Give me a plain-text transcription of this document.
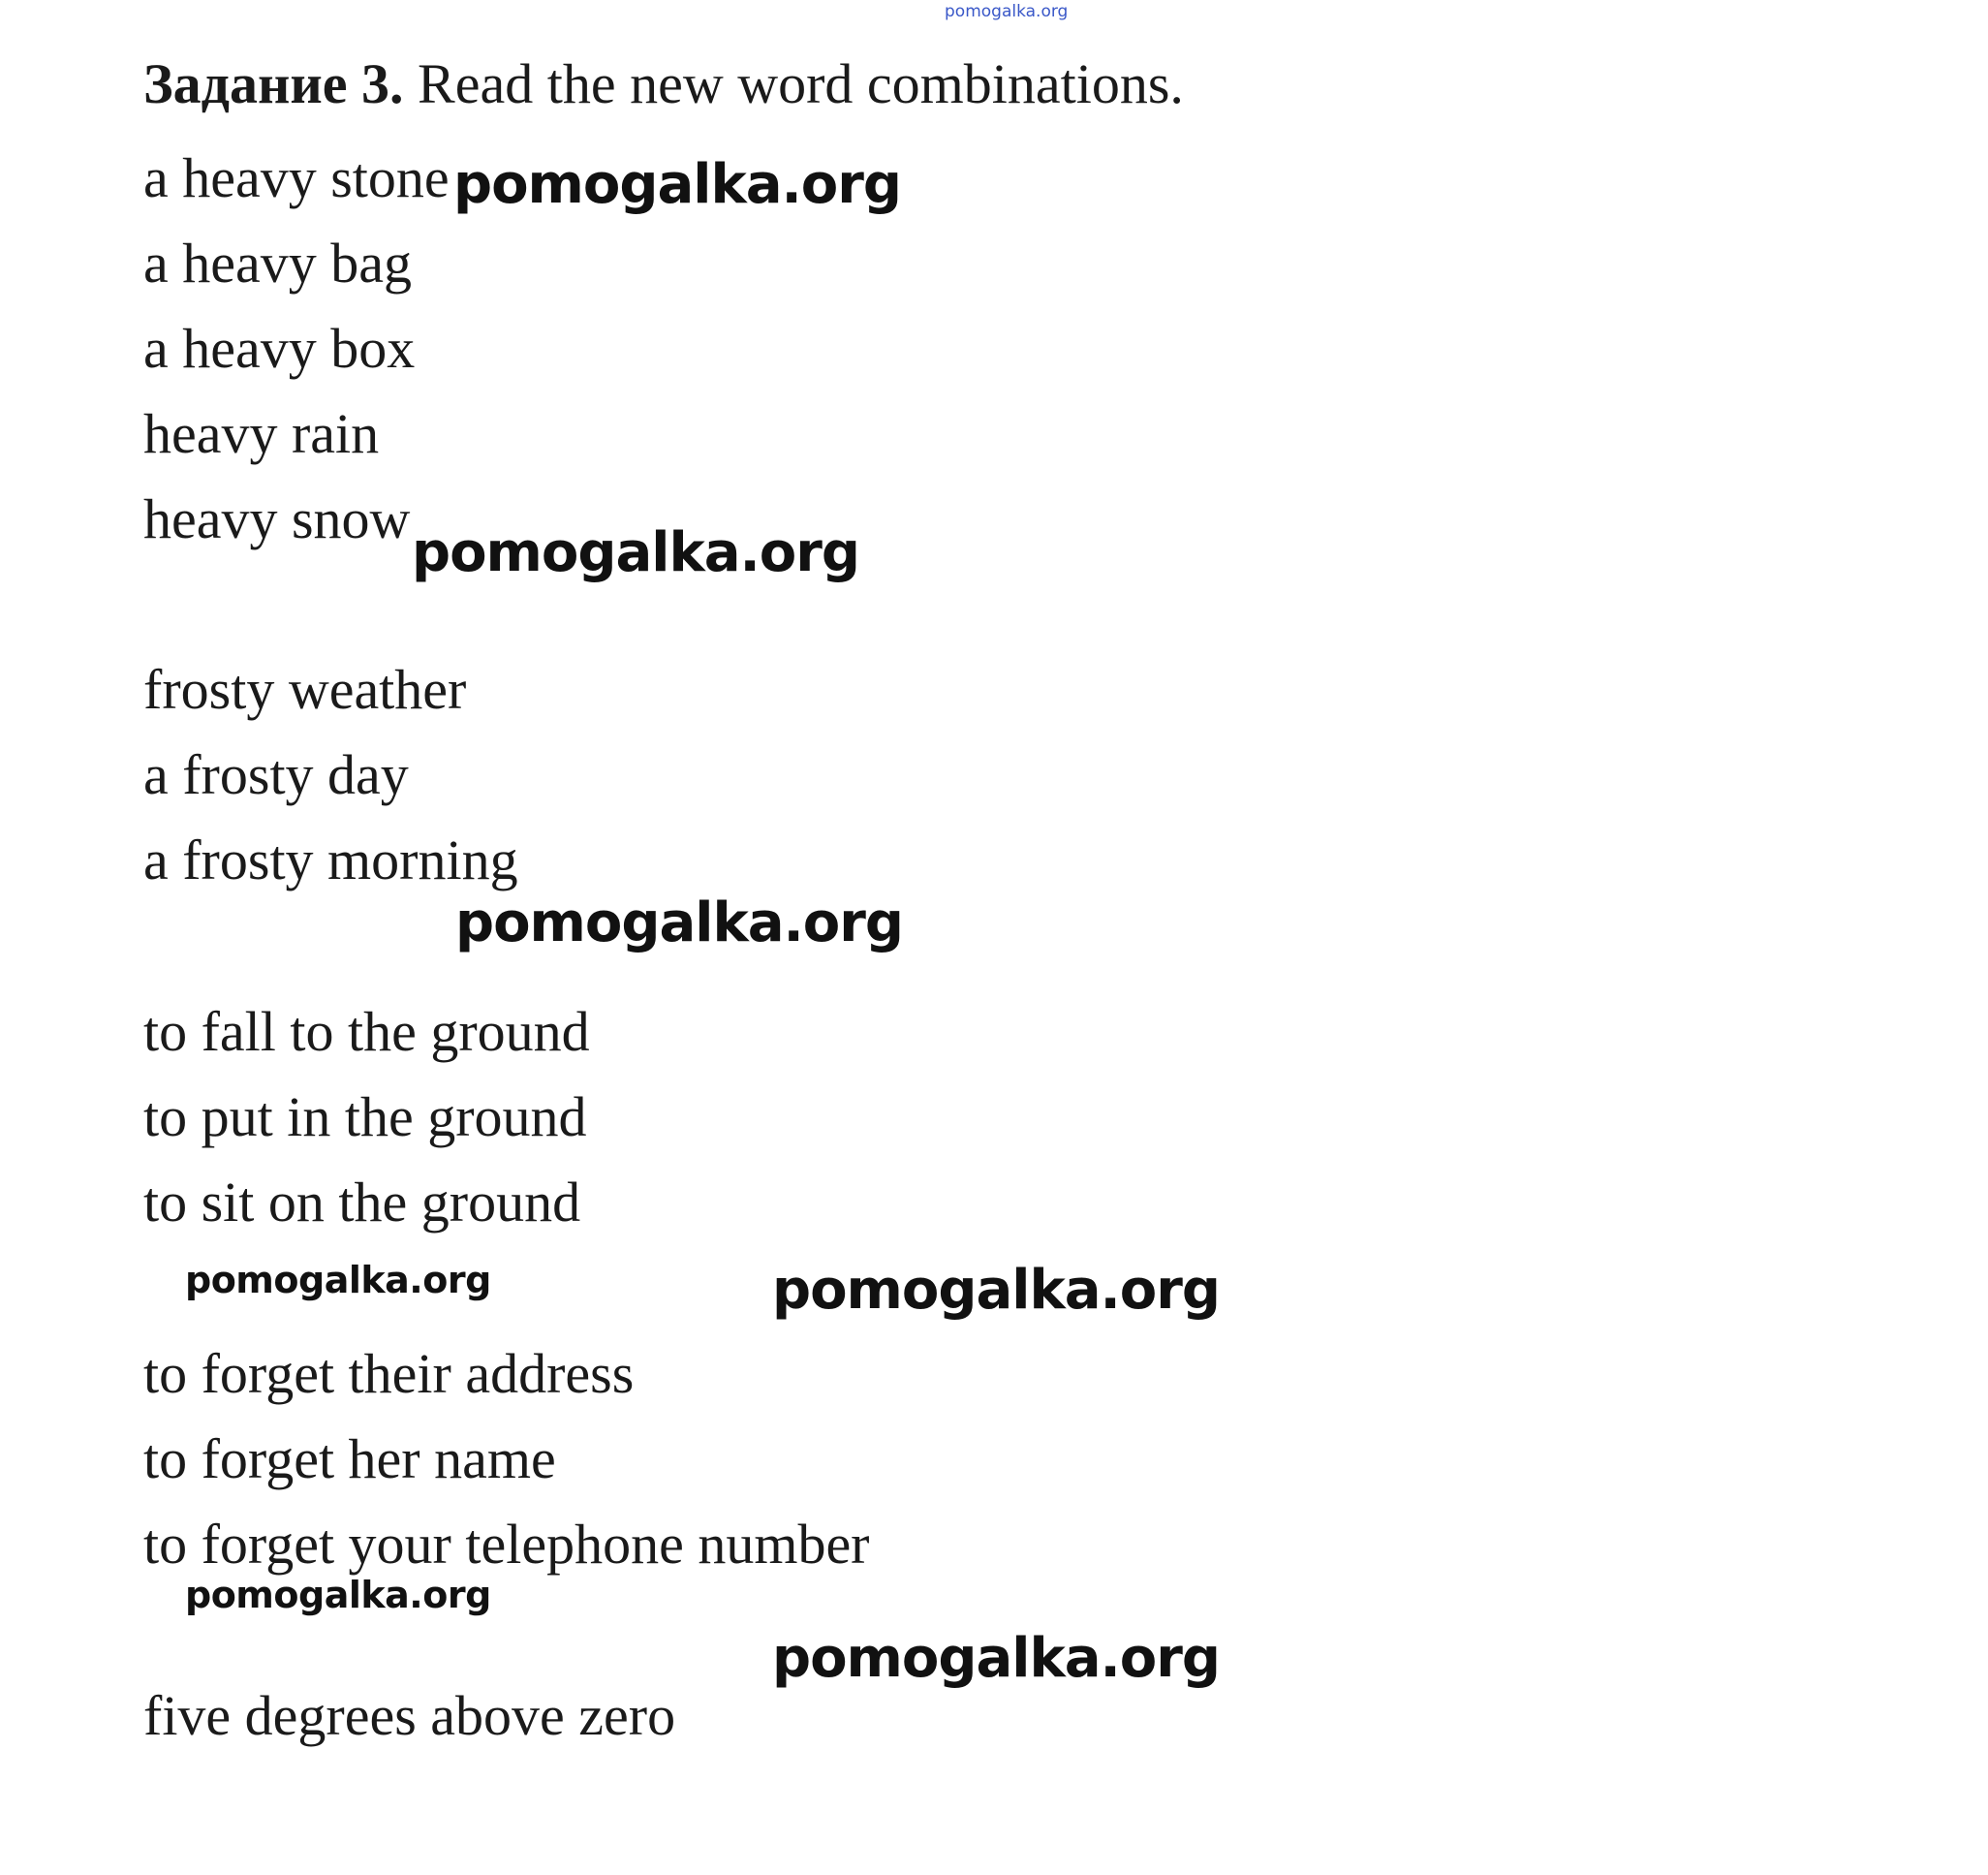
pomogalka.org
Задание 3. Read the new word combinations.
a heavy stone
a heavy bag
a heavy box
heavy rain
heavy snow
frosty weather
a frosty day
a frosty morning
to fall to the ground
to put in the ground
to sit on the ground
to forget their address
to forget her name
to forget your telephone number
five degrees above zero
pomogalka.org
pomogalka.org
pomogalka.org
pomogalka.org	pomogalka.org
pomogalka.org
pomogalka.org
